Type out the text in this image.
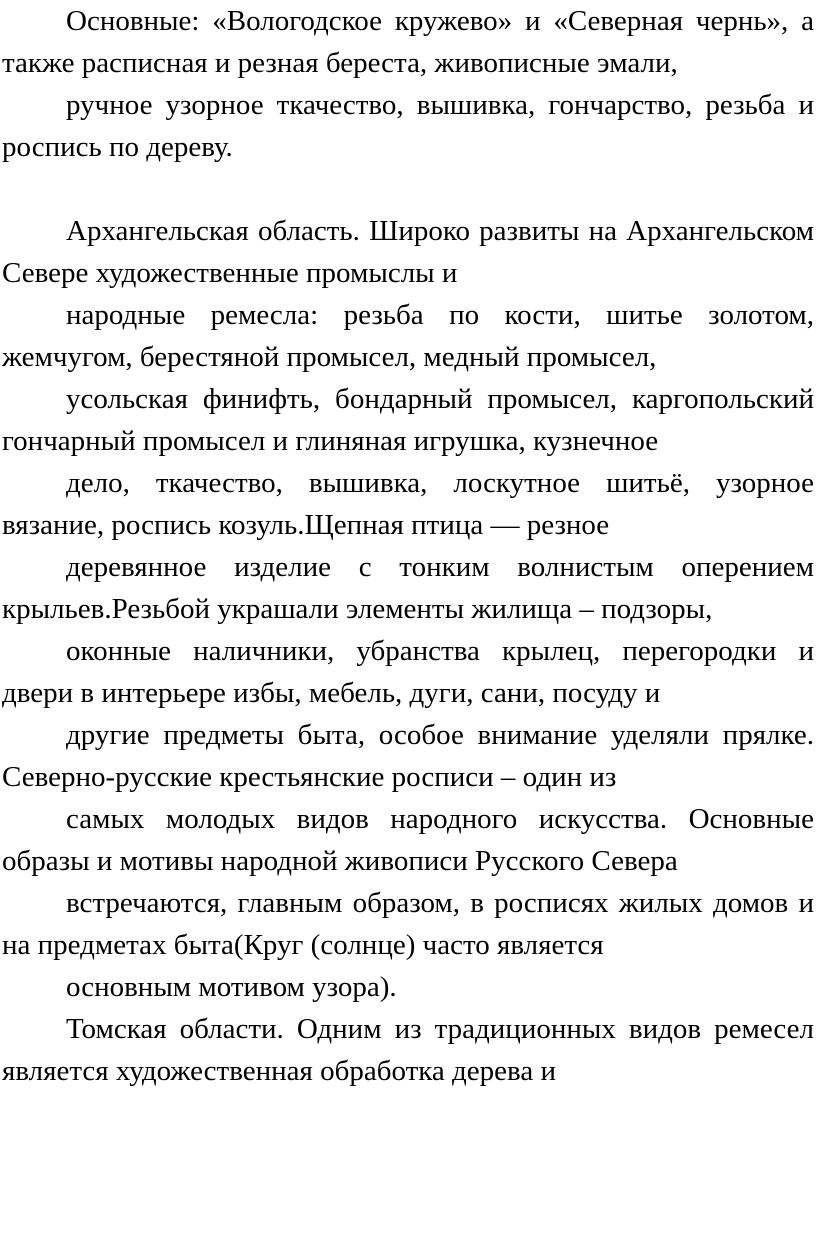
Основные: «Вологодское кружево» и «Северная чернь», а также расписная и резная береста, живописные эмали,

ручное узорное ткачество, вышивка, гончарство, резьба и роспись по дереву.

Архангельская область. Широко развиты на Архангельском Севере художественные промыслы и

народные ремесла: резьба по кости, шитье золотом, жемчугом, берестяной промысел, медный промысел,

усольская финифть, бондарный промысел, каргопольский гончарный промысел и глиняная игрушка, кузнечное

дело, ткачество, вышивка, лоскутное шитьё, узорное вязание, роспись козуль.Щепная птица — резное

деревянное изделие с тонким волнистым оперением крыльев.Резьбой украшали элементы жилища – подзоры,

оконные наличники, убранства крылец, перегородки и двери в интерьере избы, мебель, дуги, сани, посуду и

другие предметы быта, особое внимание уделяли прялке. Северно-русские крестьянские росписи – один из

самых молодых видов народного искусства. Основные образы и мотивы народной живописи Русского Севера

встречаются, главным образом, в росписях жилых домов и на предметах быта(Круг (солнце) часто является

основным мотивом узора).

Томская области. Одним из традиционных видов ремесел является художественная обработка дерева и
